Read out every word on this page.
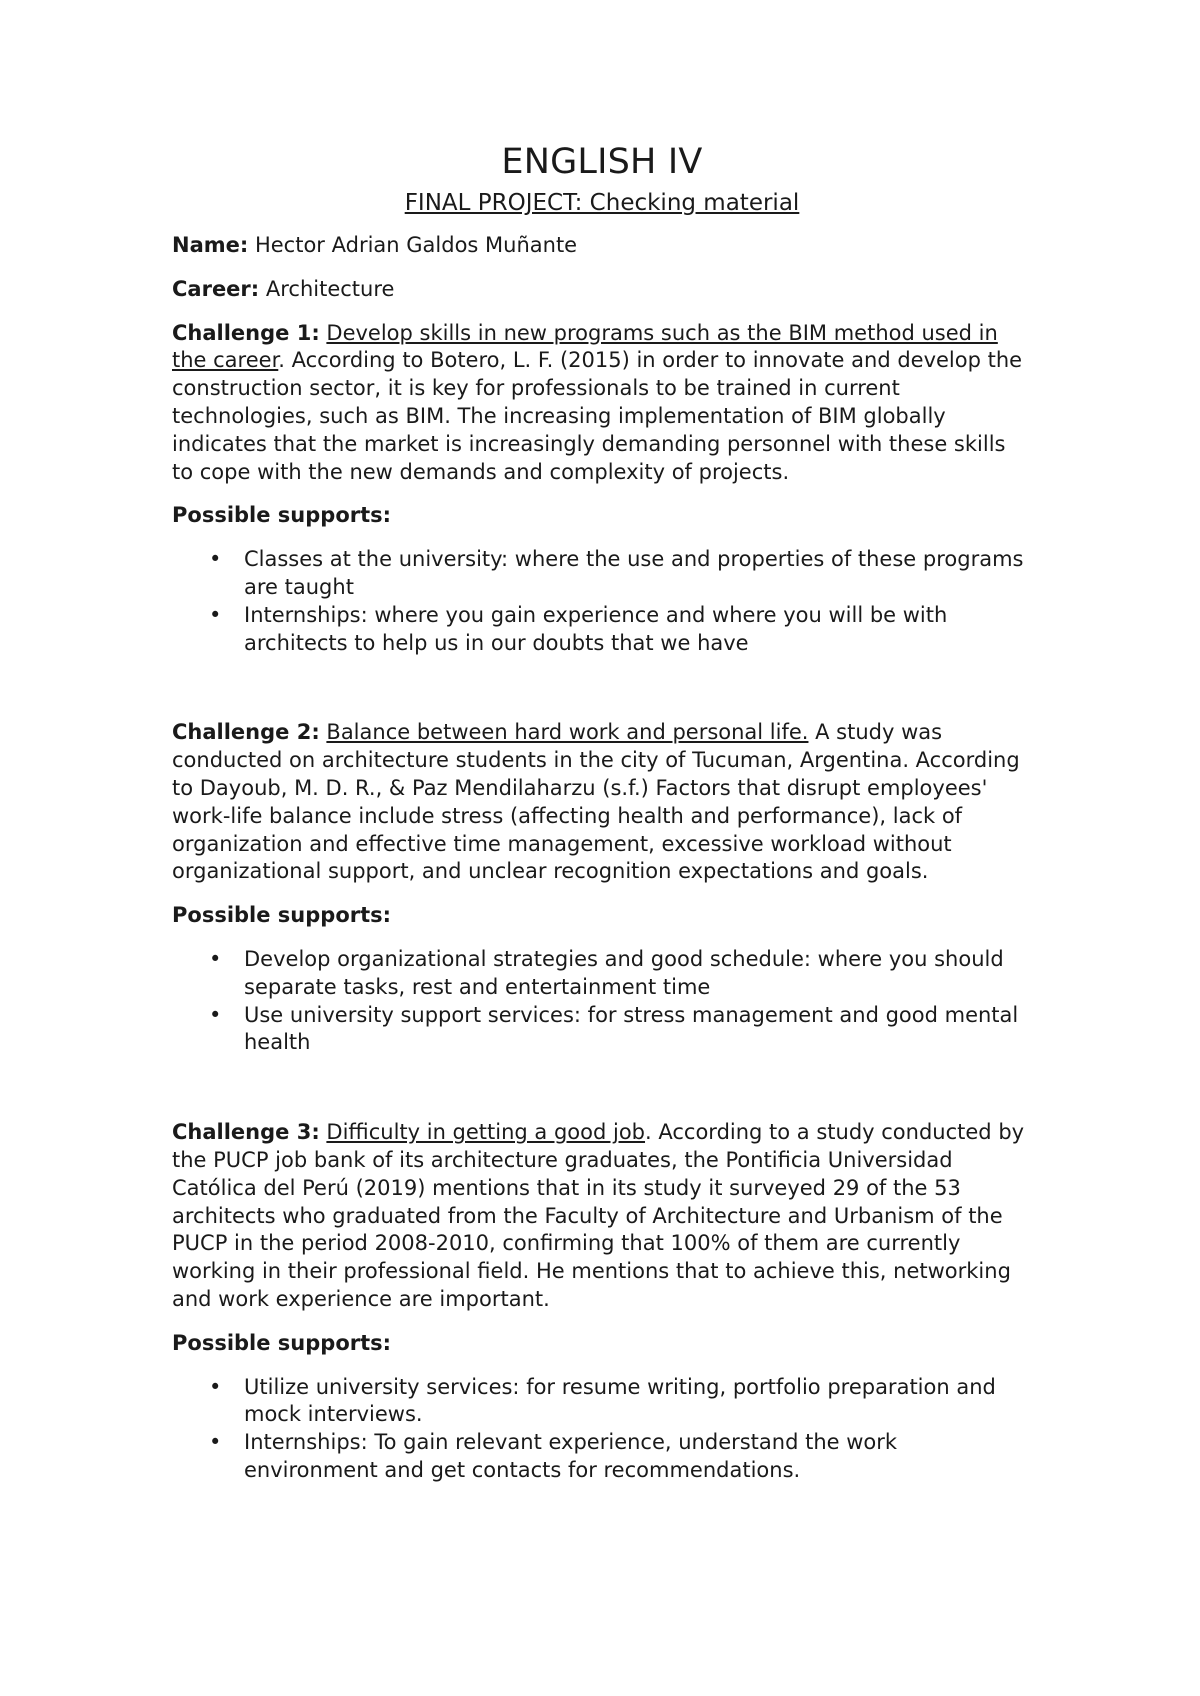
ENGLISH IV
FINAL PROJECT: Checking material

Name: Hector Adrian Galdos Muñante

Career: Architecture

Challenge 1: Develop skills in new programs such as the BIM method used in the career. According to Botero, L. F. (2015) in order to innovate and develop the construction sector, it is key for professionals to be trained in current technologies, such as BIM. The increasing implementation of BIM globally indicates that the market is increasingly demanding personnel with these skills to cope with the new demands and complexity of projects.

Possible supports:
• Classes at the university: where the use and properties of these programs are taught
• Internships: where you gain experience and where you will be with architects to help us in our doubts that we have

Challenge 2: Balance between hard work and personal life. A study was conducted on architecture students in the city of Tucuman, Argentina. According to Dayoub, M. D. R., & Paz Mendilaharzu (s.f.) Factors that disrupt employees' work-life balance include stress (affecting health and performance), lack of organization and effective time management, excessive workload without organizational support, and unclear recognition expectations and goals.

Possible supports:
• Develop organizational strategies and good schedule: where you should separate tasks, rest and entertainment time
• Use university support services: for stress management and good mental health

Challenge 3: Difficulty in getting a good job. According to a study conducted by the PUCP job bank of its architecture graduates, the Pontificia Universidad Católica del Perú (2019) mentions that in its study it surveyed 29 of the 53 architects who graduated from the Faculty of Architecture and Urbanism of the PUCP in the period 2008-2010, confirming that 100% of them are currently working in their professional field. He mentions that to achieve this, networking and work experience are important.

Possible supports:
• Utilize university services: for resume writing, portfolio preparation and mock interviews.
• Internships: To gain relevant experience, understand the work environment and get contacts for recommendations.
